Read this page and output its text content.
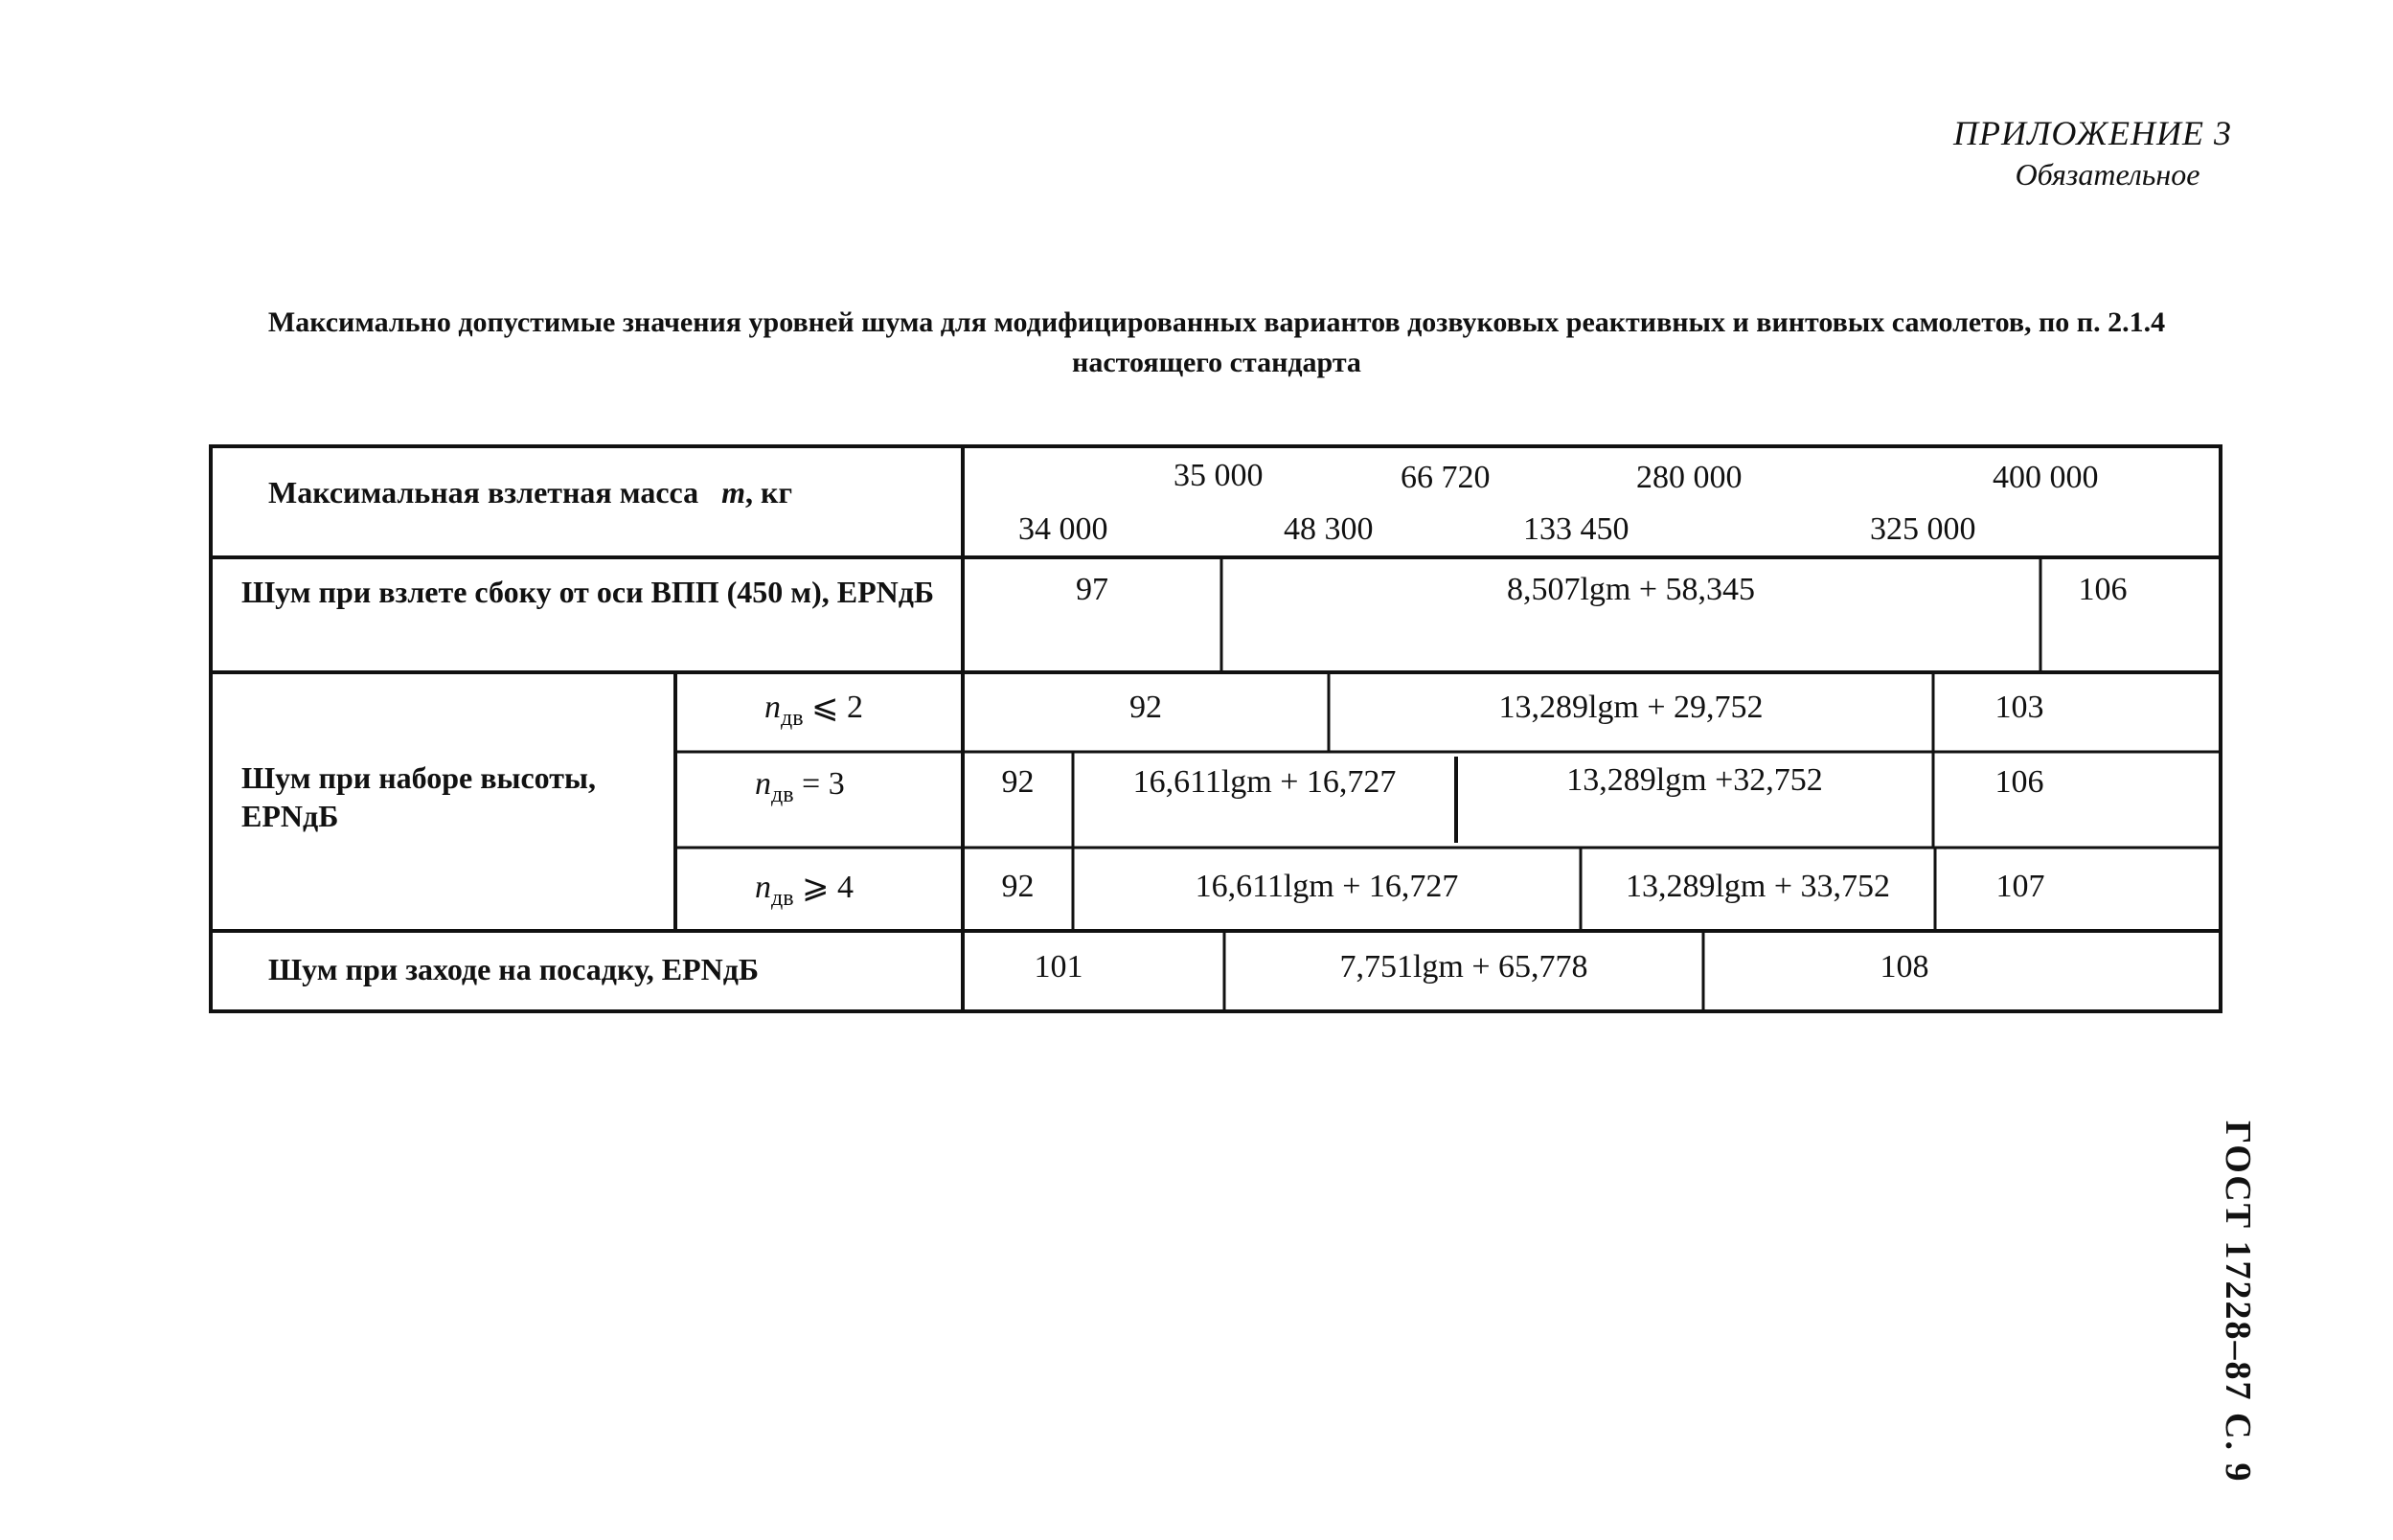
ПРИЛОЖЕНИЕ 3
Обязательное
Максимально допустимые значения уровней шума для модифицированных вариантов дозвуковых реактивных и винтовых самолетов, по п. 2.1.4 настоящего стандарта
Максимальная взлетная масса m, кг	35 000	66 720	280 000	400 000
34 000	48 300	133 450	325 000
Шум при взлете сбоку от оси ВПП (450 м), EPNдБ	97	8,507lgm + 58,345	106
Шум при наборе высоты, EPNдБ
$n_{дв}$ ⩽ 2	92	13,289lgm + 29,752	103
$n_{дв} = 3$	92	16,611lgm + 16,727	13,289lgm +32,752	106
$n_{дв}$ ⩾ 4	92	16,611lgm + 16,727	13,289lgm + 33,752	107
Шум при заходе на посадку, EPNдБ	101	7,751lgm + 65,778	108
ГОСТ 17228–87 С. 9
